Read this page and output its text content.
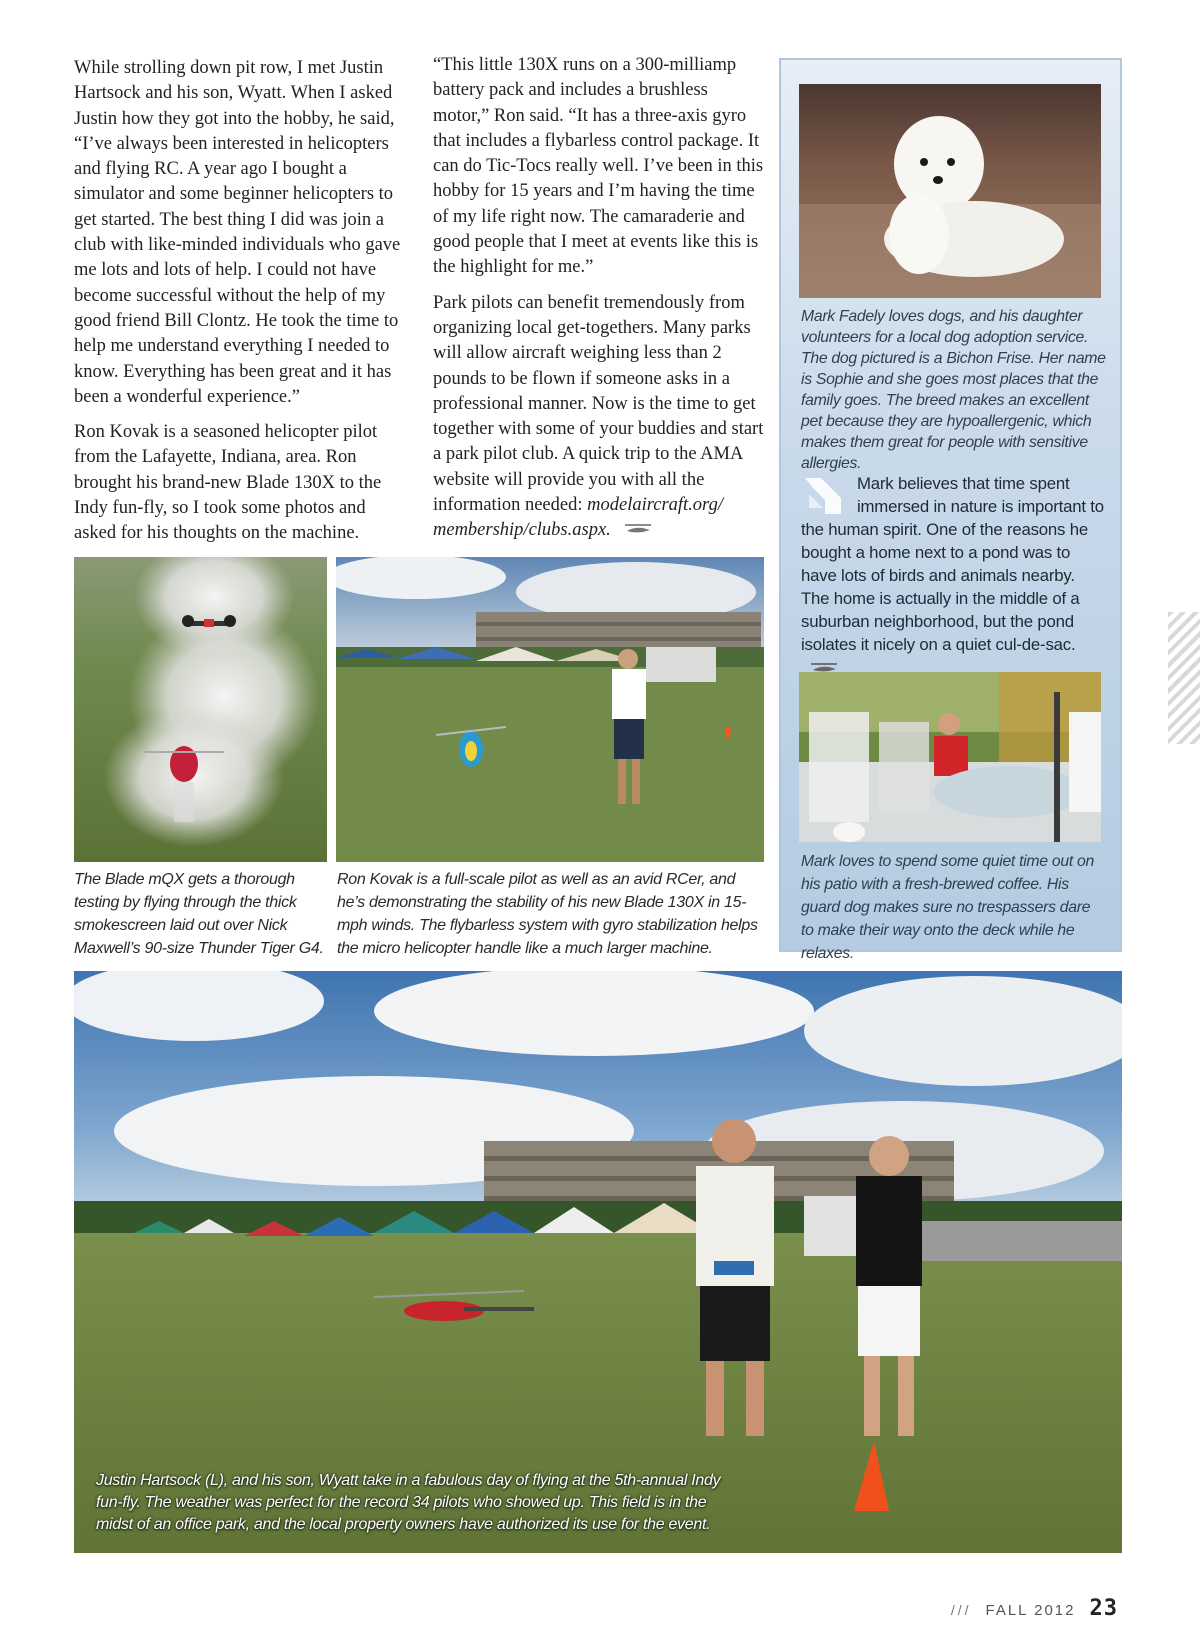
While strolling down pit row, I met Justin Hartsock and his son, Wyatt. When I asked Justin how they got into the hobby, he said, “I’ve always been interested in helicopters and flying RC. A year ago I bought a simulator and some beginner helicopters to get started. The best thing I did was join a club with like-minded individuals who gave me lots and lots of help. I could not have become successful without the help of my good friend Bill Clontz. He took the time to help me understand everything I needed to know. Everything has been great and it has been a wonderful experience.”

Ron Kovak is a seasoned helicopter pilot from the Lafayette, Indiana, area. Ron brought his brand-new Blade 130X to the Indy fun-fly, so I took some photos and asked for his thoughts on the machine.

“This little 130X runs on a 300-milliamp battery pack and includes a brushless motor,” Ron said. “It has a three-axis gyro that includes a flybarless control package. It can do Tic-Tocs really well. I’ve been in this hobby for 15 years and I’m having the time of my life right now. The camaraderie and good people that I meet at events like this is the highlight for me.”

Park pilots can benefit tremendously from organizing local get-togethers. Many parks will allow aircraft weighing less than 2 pounds to be flown if someone asks in a professional manner. Now is the time to get together with some of your buddies and start a park pilot club. A quick trip to the AMA website will provide you with all the information needed: modelaircraft.org/ membership/clubs.aspx.

The Blade mQX gets a thorough testing by flying through the thick smokescreen laid out over Nick Maxwell’s 90-size Thunder Tiger G4.
Ron Kovak is a full-scale pilot as well as an avid RCer, and he’s demonstrating the stability of his new Blade 130X in 15-mph winds. The flybarless system with gyro stabilization helps the micro helicopter handle like a much larger machine.
Mark Fadely loves dogs, and his daughter volunteers for a local dog adoption service. The dog pictured is a Bichon Frise. Her name is Sophie and she goes most places that the family goes. The breed makes an excellent pet because they are hypoallergenic, which makes them great for people with sensitive allergies.
Mark believes that time spent immersed in nature is important to the human spirit. One of the reasons he bought a home next to a pond was to have lots of birds and animals nearby. The home is actually in the middle of a suburban neighborhood, but the pond isolates it nicely on a quiet cul-de-sac.
Mark loves to spend some quiet time out on his patio with a fresh-brewed coffee. His guard dog makes sure no trespassers dare to make their way onto the deck while he relaxes.
Justin Hartsock (L), and his son, Wyatt take in a fabulous day of flying at the 5th-annual Indy fun-fly. The weather was perfect for the record 34 pilots who showed up. This field is in the midst of an office park, and the local property owners have authorized its use for the event.
/// FALL 2012 23
